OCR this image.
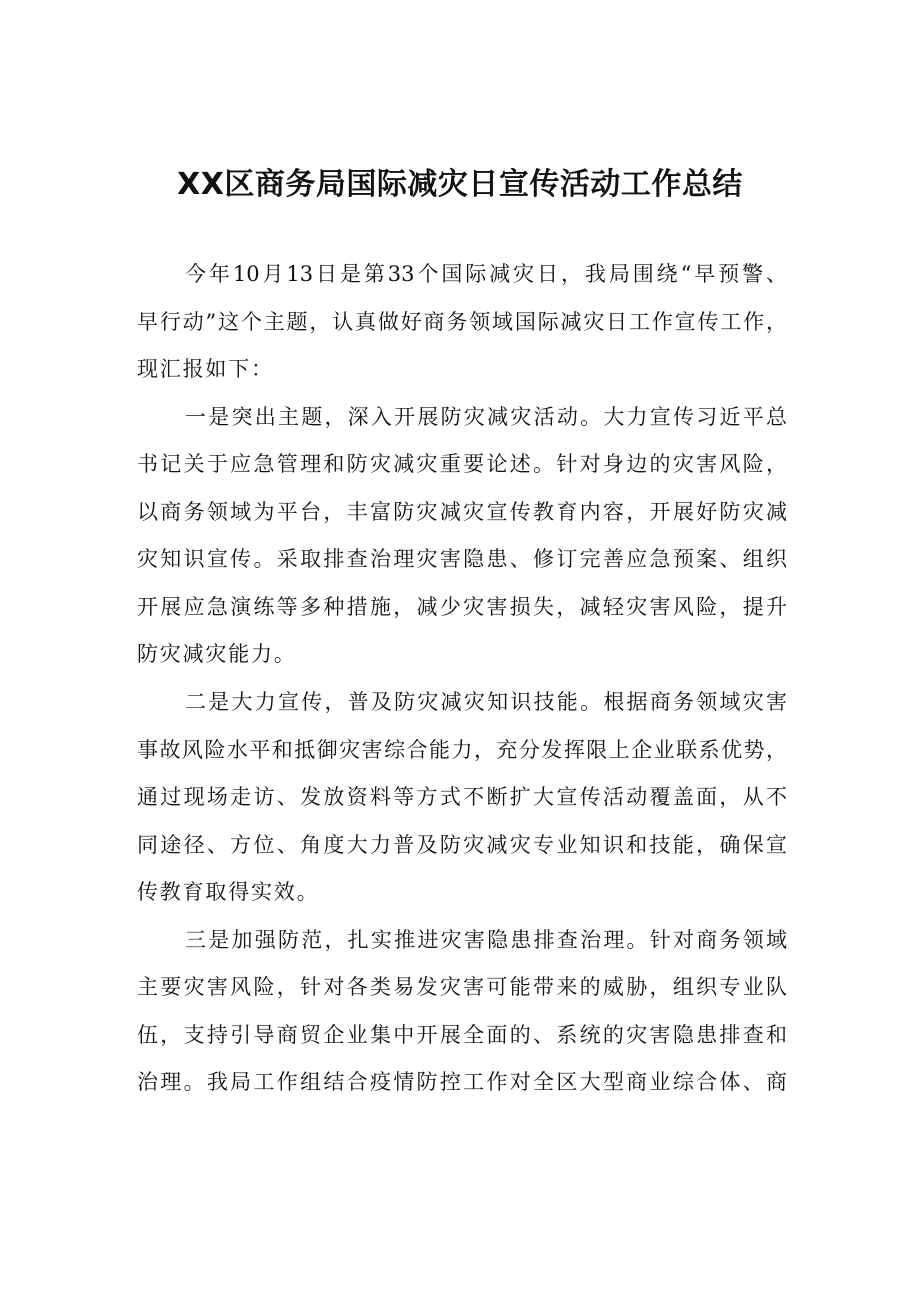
XX区商务局国际减灾日宣传活动工作总结
今年10月13日是第33个国际减灾日，我局围绕“早预警、
早行动”这个主题，认真做好商务领域国际减灾日工作宣传工作，
现汇报如下：
一是突出主题，深入开展防灾减灾活动。大力宣传习近平总
书记关于应急管理和防灾减灾重要论述。针对身边的灾害风险，
以商务领域为平台，丰富防灾减灾宣传教育内容，开展好防灾减
灾知识宣传。采取排查治理灾害隐患、修订完善应急预案、组织
开展应急演练等多种措施，减少灾害损失，减轻灾害风险，提升
防灾减灾能力。
二是大力宣传，普及防灾减灾知识技能。根据商务领域灾害
事故风险水平和抵御灾害综合能力，充分发挥限上企业联系优势，
通过现场走访、发放资料等方式不断扩大宣传活动覆盖面，从不
同途径、方位、角度大力普及防灾减灾专业知识和技能，确保宣
传教育取得实效。
三是加强防范，扎实推进灾害隐患排查治理。针对商务领域
主要灾害风险，针对各类易发灾害可能带来的威胁，组织专业队
伍，支持引导商贸企业集中开展全面的、系统的灾害隐患排查和
治理。我局工作组结合疫情防控工作对全区大型商业综合体、商
